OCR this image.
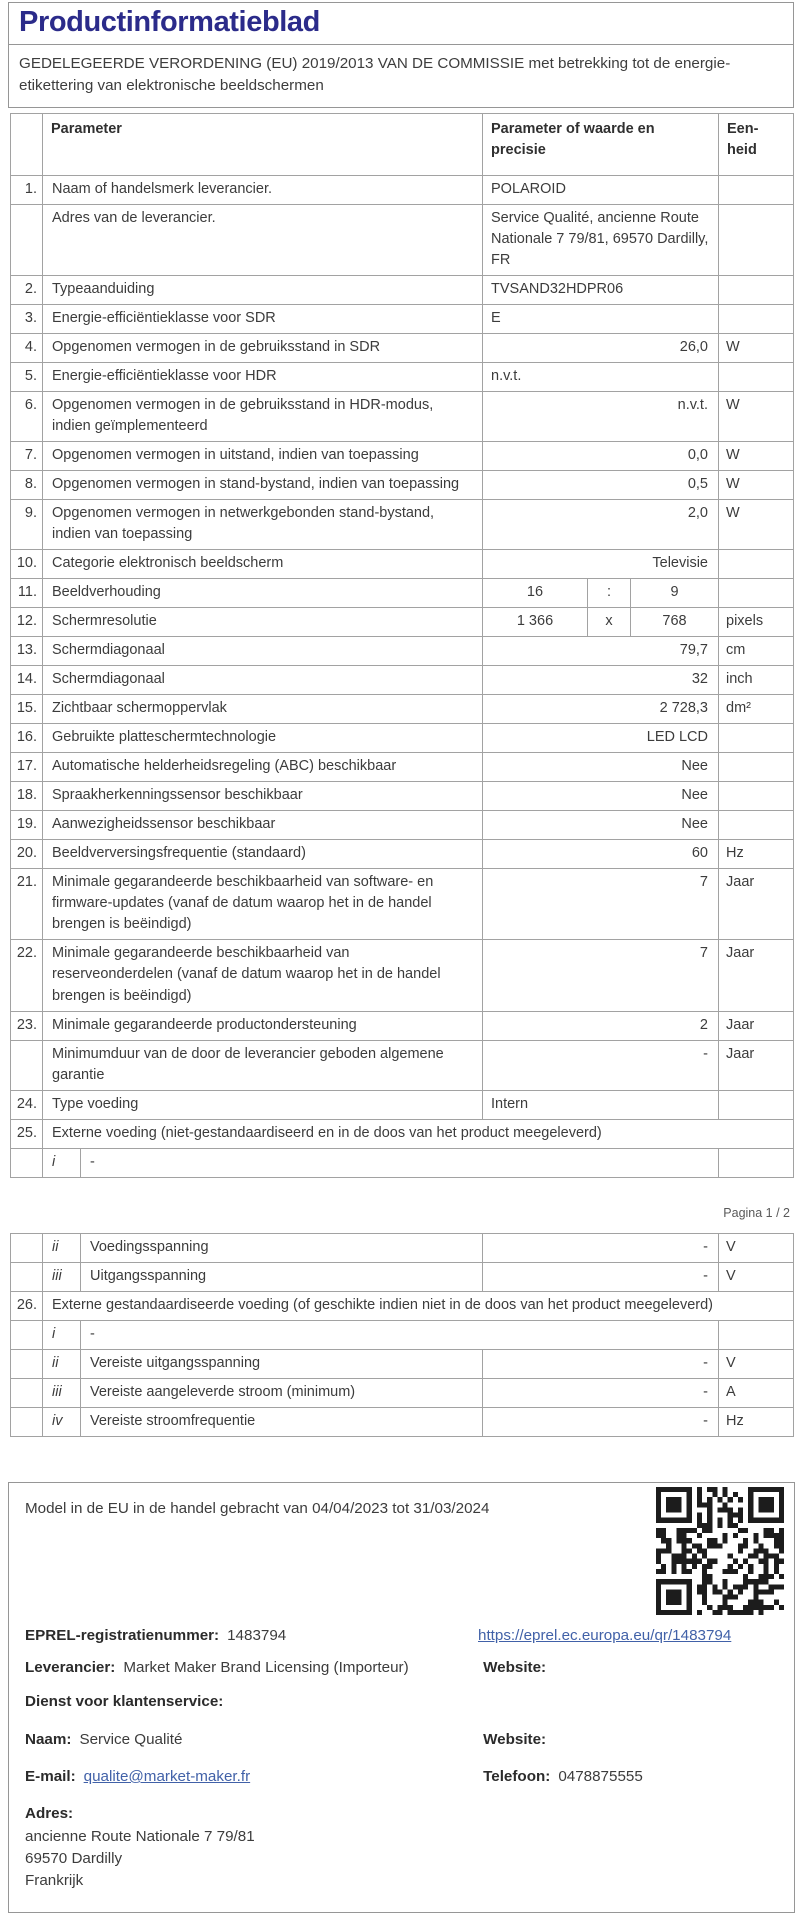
Productinformatieblad
GEDELEGEERDE VERORDENING (EU) 2019/2013 VAN DE COMMISSIE met betrekking tot de energie-etikettering van elektronische beeldschermen
	Parameter		Parameter of waarde en precisie	Een-heid
1.	Naam of handelsmerk leverancier.		POLAROID	
	Adres van de leverancier.		Service Qualité, ancienne Route Nationale 7 79/81, 69570 Dardilly, FR	
2.	Typeaanduiding		TVSAND32HDPR06	
3.	Energie-efficiëntieklasse voor SDR		E	
4.	Opgenomen vermogen in de gebruiksstand in SDR		26,0	W
5.	Energie-efficiëntieklasse voor HDR		n.v.t.	
6.	Opgenomen vermogen in de gebruiksstand in HDR-modus, indien geïmplementeerd		n.v.t.	W
7.	Opgenomen vermogen in uitstand, indien van toepassing		0,0	W
8.	Opgenomen vermogen in stand-bystand, indien van toepassing		0,5	W
9.	Opgenomen vermogen in netwerkgebonden stand-bystand, indien van toepassing		2,0	W
10.	Categorie elektronisch beeldscherm		Televisie	
11.	Beeldverhouding		16 : 9	

12.	Schermresolutie		1 366 x 768	pixels
13.	Schermdiagonaal		79,7	cm
14.	Schermdiagonaal		32	inch
15.	Zichtbaar schermoppervlak		2 728,3	dm²
16.	Gebruikte platteschermtechnologie		LED LCD	
17.	Automatische helderheidsregeling (ABC) beschikbaar		Nee	
18.	Spraakherkenningssensor beschikbaar		Nee	
19.	Aanwezigheidssensor beschikbaar		Nee	
20.	Beeldverversingsfrequentie (standaard)		60	Hz
21.	Minimale gegarandeerde beschikbaarheid van software- en firmware-updates (vanaf de datum waarop het in de handel brengen is beëindigd)		7	Jaar
22.	Minimale gegarandeerde beschikbaarheid van reserveonderdelen (vanaf de datum waarop het in de handel brengen is beëindigd)		7	Jaar
23.	Minimale gegarandeerde productondersteuning		2	Jaar
	Minimumduur van de door de leverancier geboden algemene garantie		-	Jaar
24.	Type voeding		Intern	
25.	Externe voeding (niet-gestandaardiseerd en in de doos van het product meegeleverd)			
	i	-		
Pagina 1 / 2
	ii	Voedingsspanning	-	V
	iii	Uitgangsspanning	-	V
26.	Externe gestandaardiseerde voeding (of geschikte indien niet in de doos van het product meegeleverd)			
	i	-		
	ii	Vereiste uitgangsspanning	-	V
	iii	Vereiste aangeleverde stroom (minimum)	-	A
	iv	Vereiste stroomfrequentie	-	Hz
Model in de EU in de handel gebracht van 04/04/2023 tot 31/03/2024
EPREL-registratienummer: 1483794	https://eprel.ec.europa.eu/qr/1483794
Leverancier: Market Maker Brand Licensing (Importeur)	Website:
Dienst voor klantenservice:
Naam: Service Qualité	Website:
E-mail: qualite@market-maker.fr	Telefoon: 0478875555
Adres:
ancienne Route Nationale 7 79/81
69570 Dardilly
Frankrijk
